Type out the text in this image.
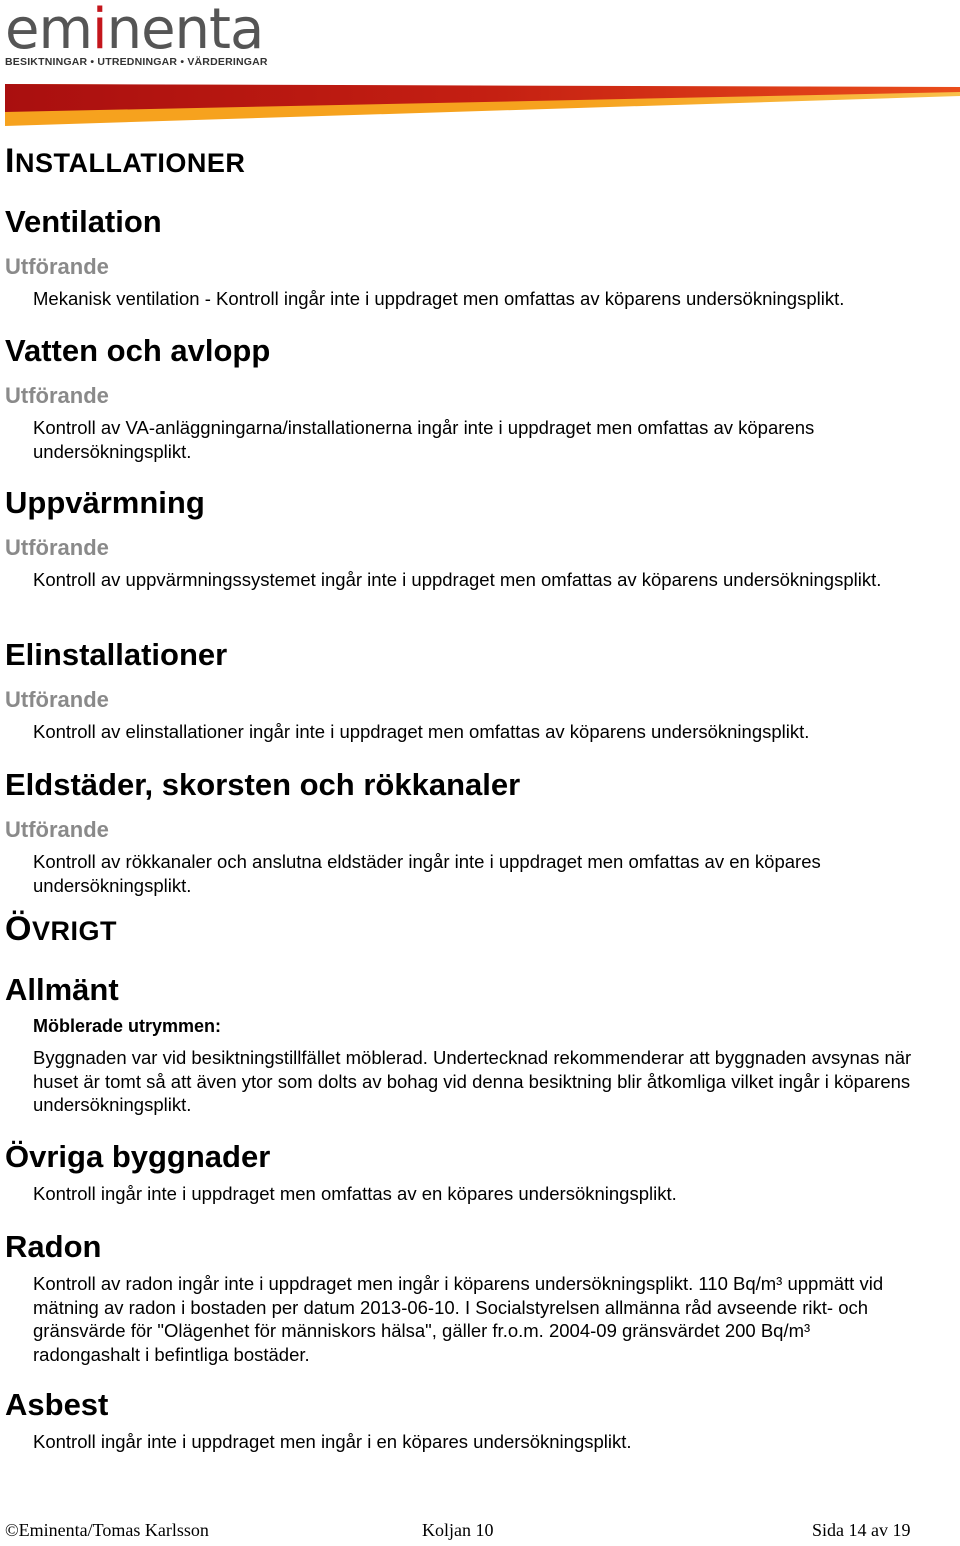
eminenta
BESIKTNINGAR • UTREDNINGAR • VÄRDERINGAR
INSTALLATIONER
Ventilation
Utförande
Mekanisk ventilation - Kontroll ingår inte i uppdraget men omfattas av köparens undersökningsplikt.
Vatten och avlopp
Utförande
Kontroll av VA-anläggningarna/installationerna ingår inte i uppdraget men omfattas av köparens undersökningsplikt.
Uppvärmning
Utförande
Kontroll av uppvärmningssystemet ingår inte i uppdraget men omfattas av köparens undersökningsplikt.
Elinstallationer
Utförande
Kontroll av elinstallationer ingår inte i uppdraget men omfattas av köparens undersökningsplikt.
Eldstäder, skorsten och rökkanaler
Utförande
Kontroll av rökkanaler och anslutna eldstäder ingår inte i uppdraget men omfattas av en köpares undersökningsplikt.
ÖVRIGT
Allmänt
Möblerade utrymmen:
Byggnaden var vid besiktningstillfället möblerad. Undertecknad rekommenderar att byggnaden avsynas när huset är tomt så att även ytor som dolts av bohag vid denna besiktning blir åtkomliga vilket ingår i köparens undersökningsplikt.
Övriga byggnader
Kontroll ingår inte i uppdraget men omfattas av en köpares undersökningsplikt.
Radon
Kontroll av radon ingår inte i uppdraget men ingår i köparens undersökningsplikt. 110 Bq/m³ uppmätt vid mätning av radon i bostaden per datum 2013-06-10. I Socialstyrelsen allmänna råd avseende rikt- och gränsvärde för "Olägenhet för människors hälsa", gäller fr.o.m. 2004-09 gränsvärdet 200 Bq/m³ radongashalt i befintliga bostäder.
Asbest
Kontroll ingår inte i uppdraget men ingår i en köpares undersökningsplikt.
©Eminenta/Tomas Karlsson	Koljan 10	Sida 14 av 19
